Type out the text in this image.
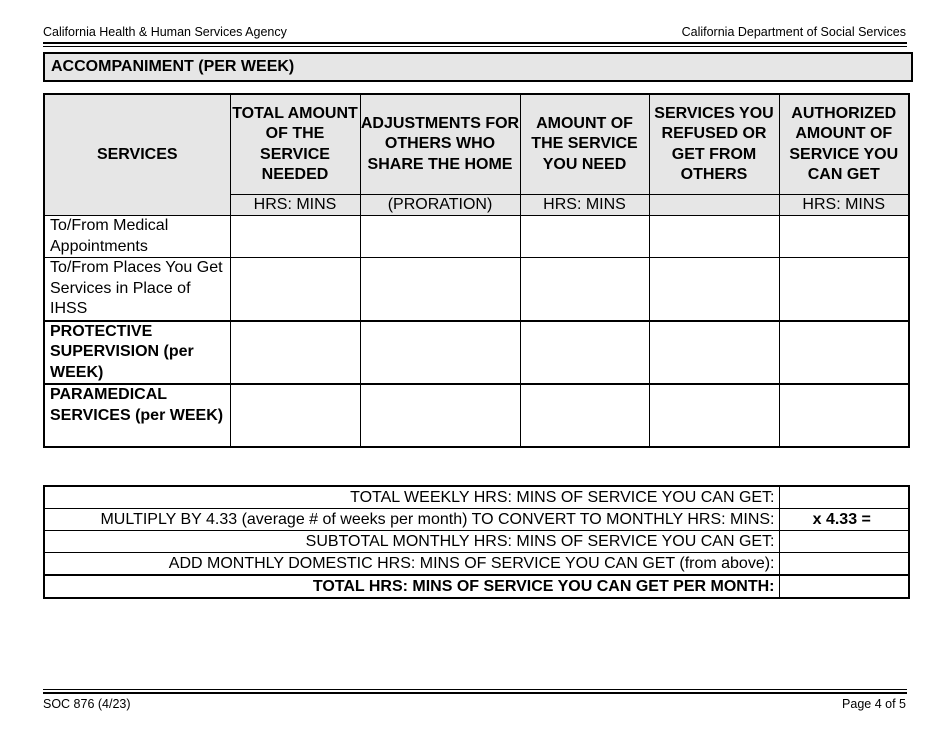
California Health & Human Services Agency	California Department of Social Services
ACCOMPANIMENT (PER WEEK)
SERVICES	TOTAL AMOUNT OF THE SERVICE NEEDED	ADJUSTMENTS FOR OTHERS WHO SHARE THE HOME	AMOUNT OF THE SERVICE YOU NEED	SERVICES YOU REFUSED OR GET FROM OTHERS	AUTHORIZED AMOUNT OF SERVICE YOU CAN GET
	HRS: MINS	(PRORATION)	HRS: MINS		HRS: MINS
To/From Medical Appointments					
To/From Places You Get Services in Place of IHSS					
PROTECTIVE SUPERVISION (per WEEK)					
PARAMEDICAL SERVICES (per WEEK)					
TOTAL WEEKLY HRS: MINS OF SERVICE YOU CAN GET:	
MULTIPLY BY 4.33 (average # of weeks per month) TO CONVERT TO MONTHLY HRS: MINS:	x 4.33 =
SUBTOTAL MONTHLY HRS: MINS OF SERVICE YOU CAN GET:	
ADD MONTHLY DOMESTIC HRS: MINS OF SERVICE YOU CAN GET (from above):	
TOTAL HRS: MINS OF SERVICE YOU CAN GET PER MONTH:	
SOC 876 (4/23)	Page 4 of 5
